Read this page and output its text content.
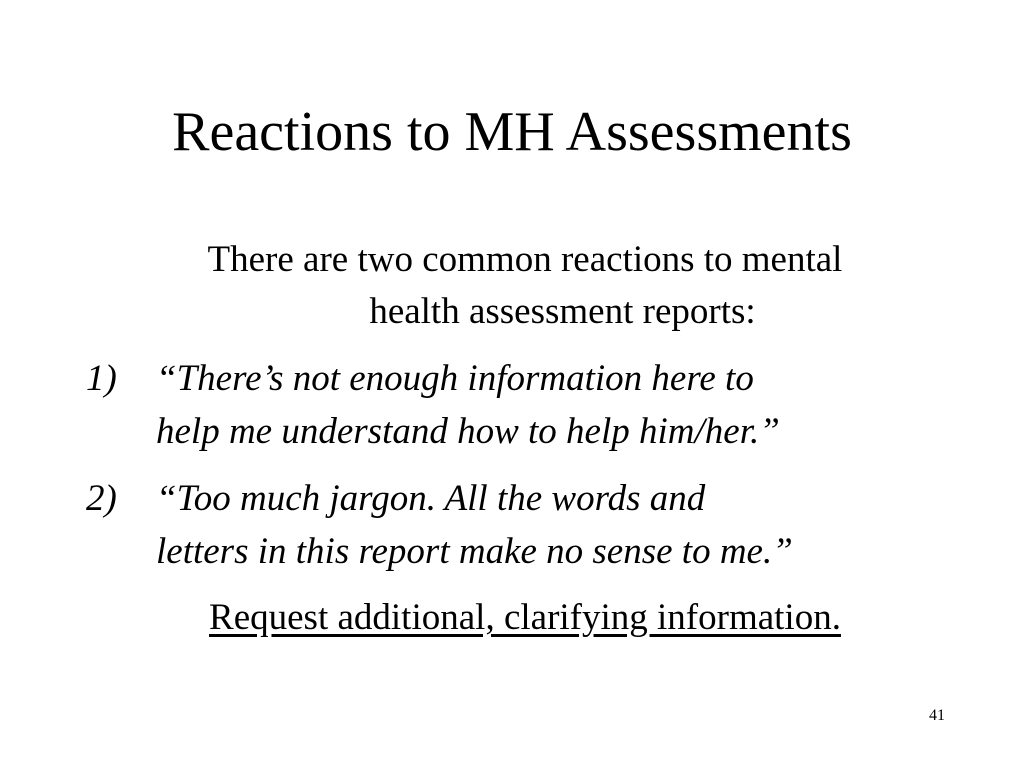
Reactions to MH Assessments
There are two common reactions to mental
health assessment reports:
1) “There’s not enough information here to
help me understand how to help him/her.”
2) “Too much jargon. All the words and
letters in this report make no sense to me.”
Request additional, clarifying information.
41
